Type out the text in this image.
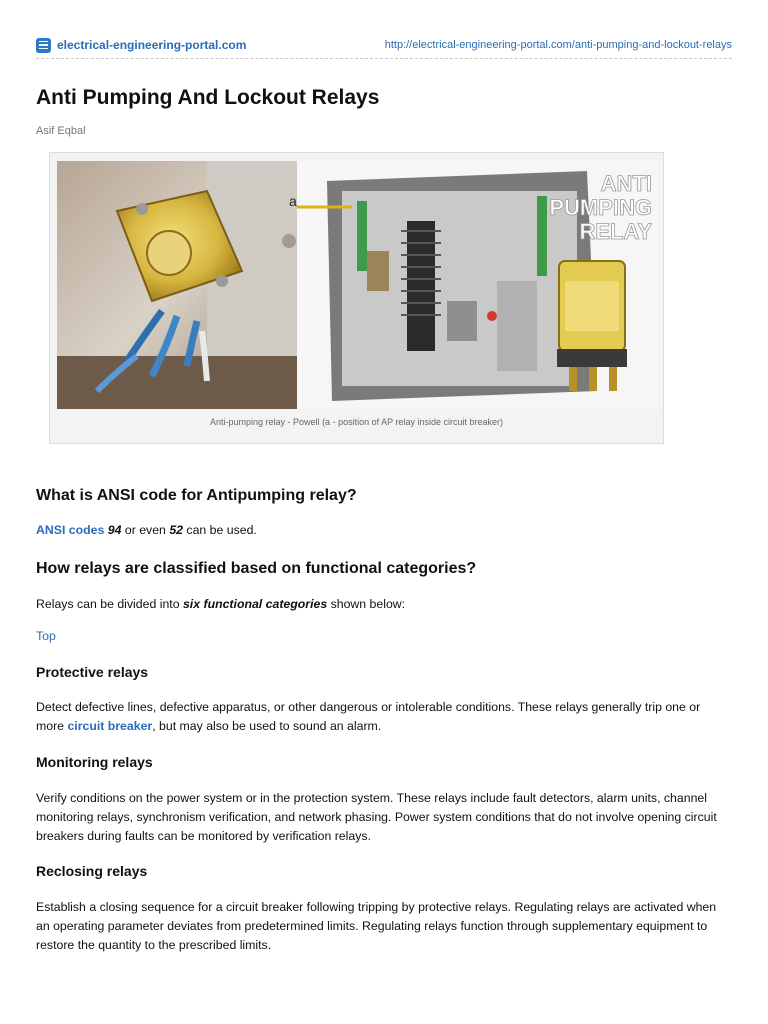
electrical-engineering-portal.com	http://electrical-engineering-portal.com/anti-pumping-and-lockout-relays
Anti Pumping And Lockout Relays
Asif Eqbal
a
ANTI
PUMPING
RELAY
Anti-pumping relay - Powell (a - position of AP relay inside circuit breaker)
What is ANSI code for Antipumping relay?

ANSI codes 94 or even 52 can be used.

How relays are classified based on functional categories?

Relays can be divided into six functional categories shown below:

Top

Protective relays

Detect defective lines, defective apparatus, or other dangerous or intolerable conditions. These relays generally trip one or more circuit breaker, but may also be used to sound an alarm.

Monitoring relays

Verify conditions on the power system or in the protection system. These relays include fault detectors, alarm units, channel monitoring relays, synchronism verification, and network phasing. Power system conditions that do not involve opening circuit breakers during faults can be monitored by verification relays.

Reclosing relays

Establish a closing sequence for a circuit breaker following tripping by protective relays. Regulating relays are activated when an operating parameter deviates from predetermined limits. Regulating relays function through supplementary equipment to restore the quantity to the prescribed limits.
